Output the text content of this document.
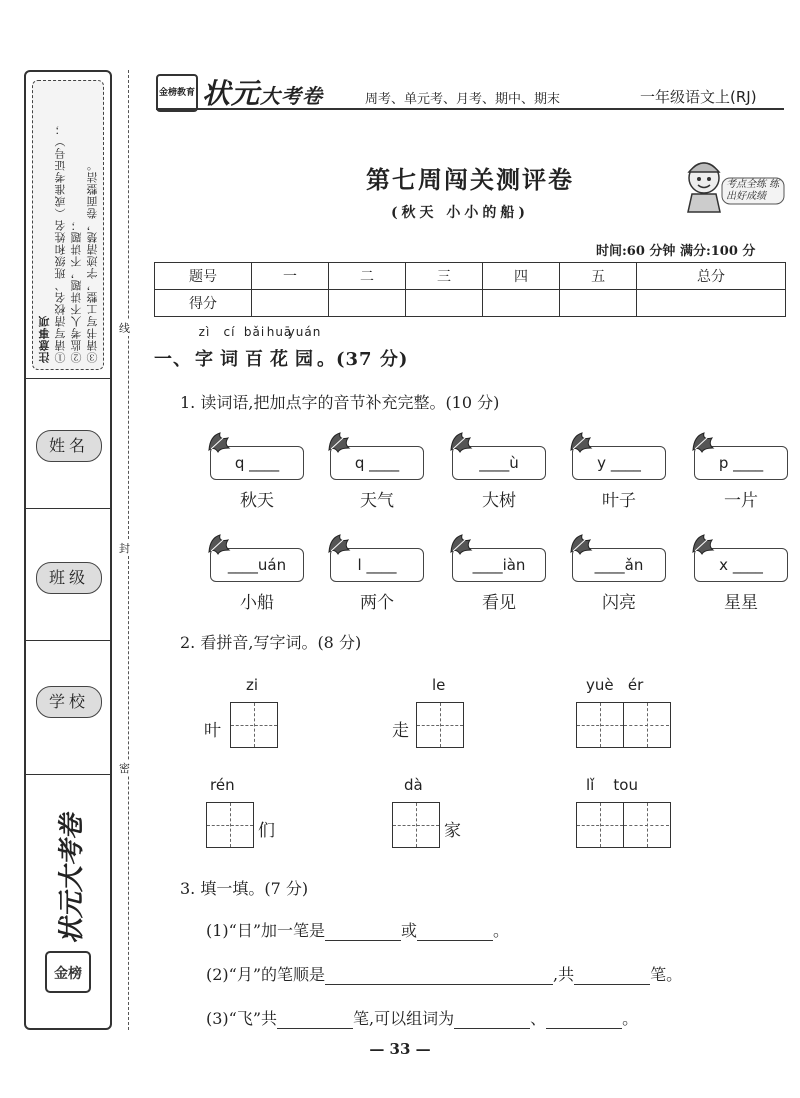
注意事项 ①请写清校名、班级和姓名（或准考证号）； ②监考人不讲题，不讲题； ③请书写工整，字迹清楚，卷面整洁。
姓名
班级
学校
金榜
状元大考卷
线
封
密
金榜教育 状元大考卷	周考、单元考、月考、期中、期末	一年级语文上(RJ)
第七周闯关测评卷
(秋天 小小的船)
考点全练 练出好成绩
时间:60 分钟 满分:100 分
题号	一	二	三	四	五	总分
得分						
一、
zì
字
cí
词
bǎi
百
huā
花
yuán
园 。(37 分)
1. 读词语,把加点字的音节补充完整。(10 分)
q ____
秋天
q ____
天气
____ù
大树
y ____
叶子
p ____
一片
____uán
小船
l ____
两个
____iàn
看见
____ǎn
闪亮
x ____
星星
2. 看拼音,写字词。(8 分)
zi
叶
le
走
yuè   ér
rén
们
dà
家
lǐ    tou
3. 填一填。(7 分)
(1)“日”加一笔是	或	。
(2)“月”的笔顺是	,共	笔。
(3)“飞”共	笔,可以组词为	、	。
— 33 —
